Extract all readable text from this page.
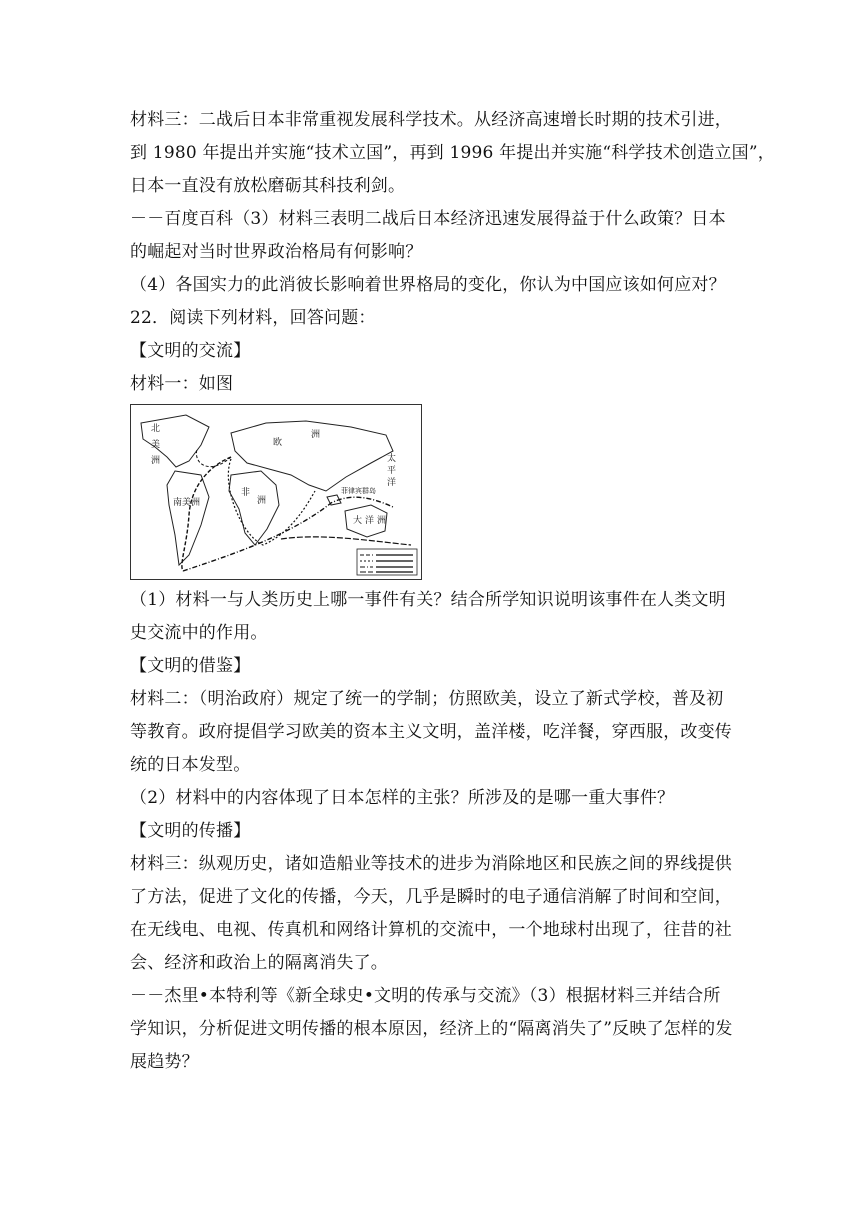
材料三：二战后日本非常重视发展科学技术。从经济高速增长时期的技术引进，
到 1980 年提出并实施“技术立国”，再到 1996 年提出并实施“科学技术创造立国”，
日本一直没有放松磨砺其科技利剑。
－－百度百科（3）材料三表明二战后日本经济迅速发展得益于什么政策？日本
的崛起对当时世界政治格局有何影响？
（4）各国实力的此消彼长影响着世界格局的变化，你认为中国应该如何应对？
22．阅读下列材料，回答问题：
【文明的交流】
材料一：如图
北
美
洲
欧
洲
非
洲
南美洲
太
平
洋
大 洋 洲
菲律宾群岛
（1）材料一与人类历史上哪一事件有关？结合所学知识说明该事件在人类文明
史交流中的作用。
【文明的借鉴】
材料二：（明治政府）规定了统一的学制；仿照欧美，设立了新式学校，普及初
等教育。政府提倡学习欧美的资本主义文明，盖洋楼，吃洋餐，穿西服，改变传
统的日本发型。
（2）材料中的内容体现了日本怎样的主张？所涉及的是哪一重大事件？
【文明的传播】
材料三：纵观历史，诸如造船业等技术的进步为消除地区和民族之间的界线提供
了方法，促进了文化的传播，今天，几乎是瞬时的电子通信消解了时间和空间，
在无线电、电视、传真机和网络计算机的交流中，一个地球村出现了，往昔的社
会、经济和政治上的隔离消失了。
－－杰里•本特利等《新全球史•文明的传承与交流》（3）根据材料三并结合所
学知识，分析促进文明传播的根本原因，经济上的“隔离消失了”反映了怎样的发
展趋势？
